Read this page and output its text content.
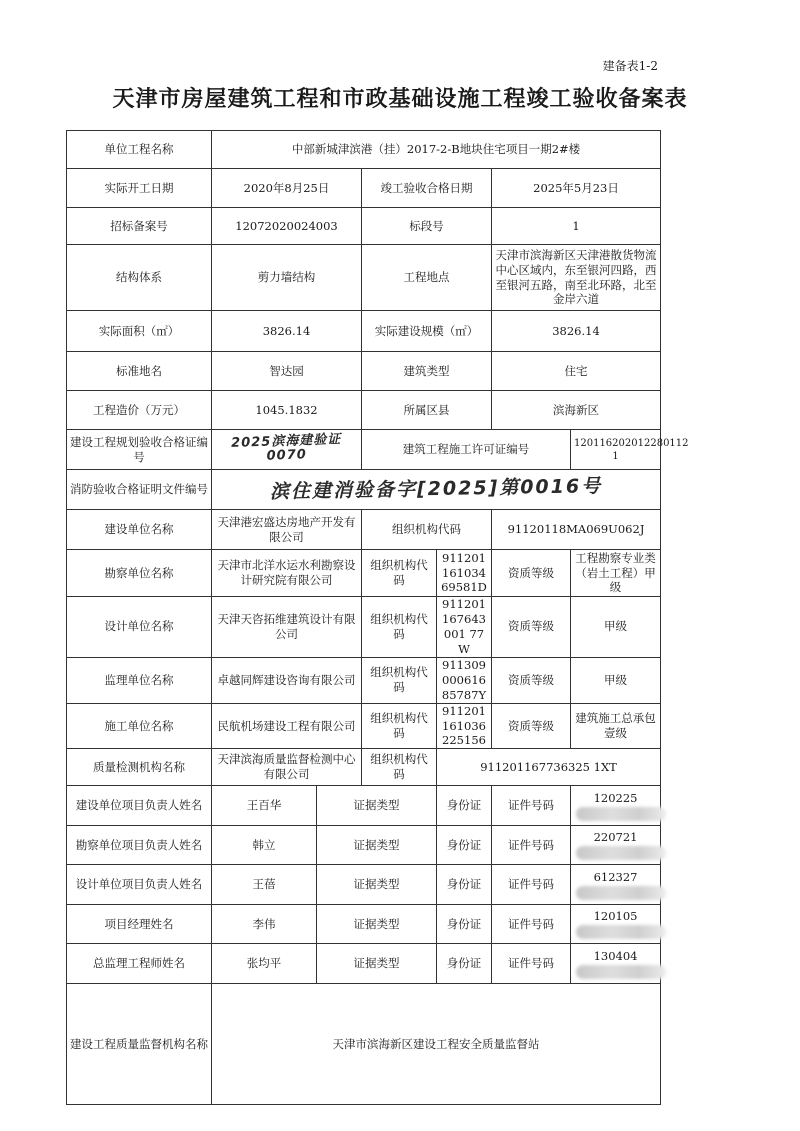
建备表1-2
天津市房屋建筑工程和市政基础设施工程竣工验收备案表
单位工程名称	中部新城津滨港（挂）2017-2-B地块住宅项目一期2#楼					
实际开工日期	2020年8月25日		竣工验收合格日期		2025年5月23日	
招标备案号	12072020024003		标段号		1	
结构体系	剪力墙结构		工程地点		天津市滨海新区天津港散货物流中心区域内，东至银河四路，西至银河五路，南至北环路，北至金岸六道	
实际面积（㎡）	3826.14		实际建设规模（㎡）		3826.14	
标准地名	智达园		建筑类型		住宅	
工程造价（万元）	1045.1832		所属区县		滨海新区	
建设工程规划验收合格证编号	2025滨海建验证 0070		建筑工程施工许可证编号			120116202012280112​1
消防验收合格证明文件编号	滨住建消验备字[2025]第0016号					
建设单位名称	天津港宏盛达房地产开发有限公司		组织机构代码		91120118MA069U062J	
勘察单位名称	天津市北洋水运水利勘察设计研究院有限公司		组织机构代码	91120116103469581D	资质等级	工程勘察专业类（岩土工程）甲级
设计单位名称	天津天咨拓维建筑设计有限公司		组织机构代码	911201167643001 77W	资质等级	甲级
监理单位名称	卓越同辉建设咨询有限公司		组织机构代码	91130900061685787Y	资质等级	甲级
施工单位名称	民航机场建设工程有限公司		组织机构代码	911201161036225156	资质等级	建筑施工总承包壹级
质量检测机构名称	天津滨海质量监督检测中心有限公司		组织机构代码	911201167736325 1XT		
建设单位项目负责人姓名	王百华	证据类型		身份证	证件号码	120225
勘察单位项目负责人姓名	韩立	证据类型		身份证	证件号码	220721
设计单位项目负责人姓名	王蓓	证据类型		身份证	证件号码	612327
项目经理姓名	李伟	证据类型		身份证	证件号码	120105
总监理工程师姓名	张均平	证据类型		身份证	证件号码	130404
建设工程质量监督机构名称	天津市滨海新区建设工程安全质量监督站					
